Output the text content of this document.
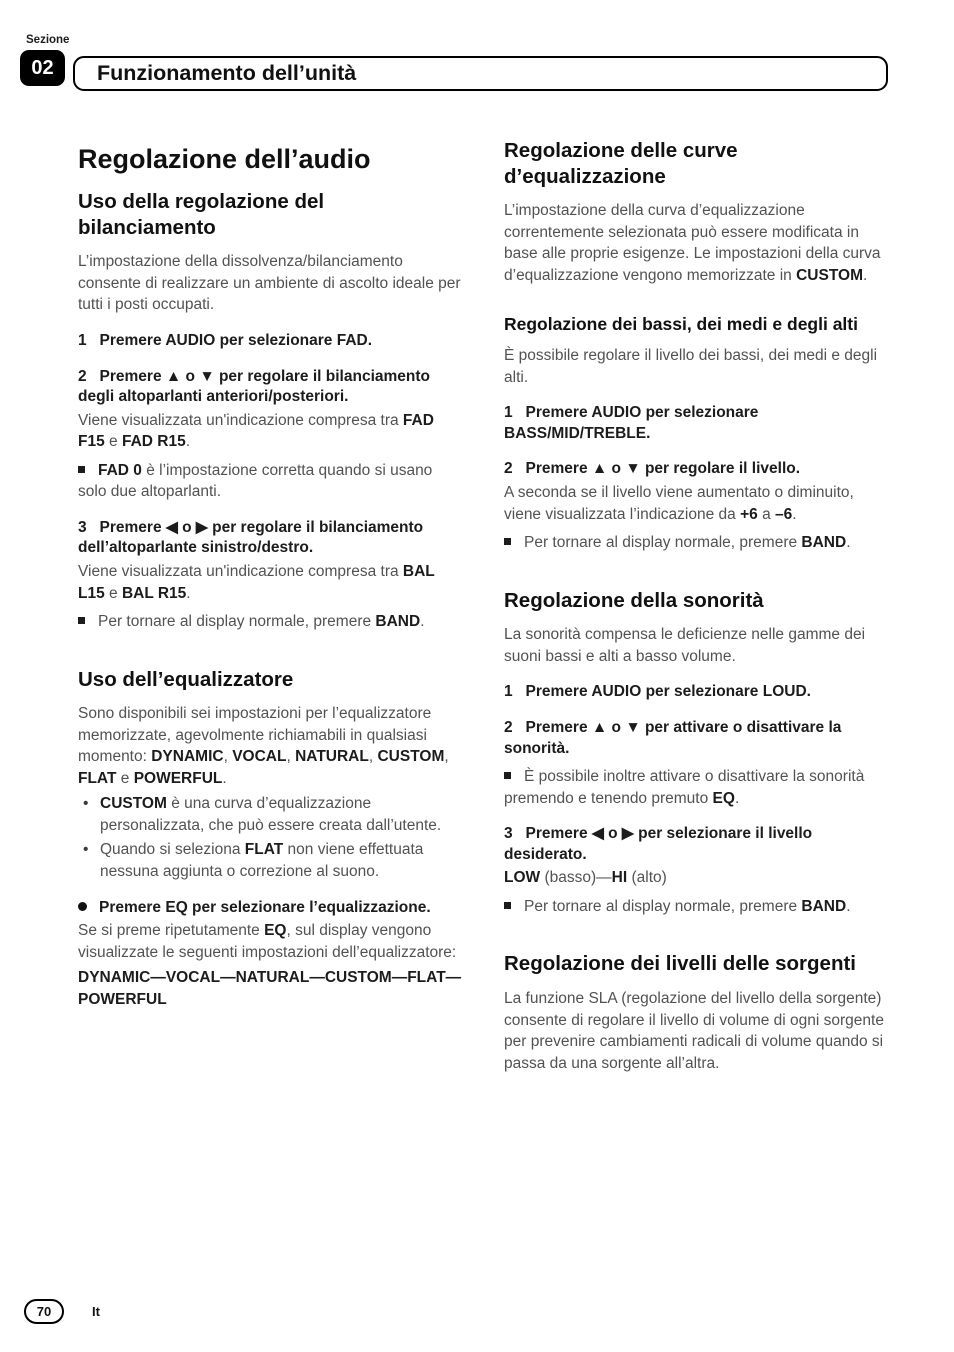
Sezione
02	Funzionamento dell’unità
Regolazione dell’audio
Uso della regolazione del bilanciamento

L’impostazione della dissolvenza/bilanciamento consente di realizzare un ambiente di ascolto ideale per tutti i posti occupati.

1   Premere AUDIO per selezionare FAD.

2   Premere ▲ o ▼ per regolare il bilanciamento degli altoparlanti anteriori/posteriori.

Viene visualizzata un'indicazione compresa tra FAD F15 e FAD R15.

FAD 0 è l’impostazione corretta quando si usano solo due altoparlanti.

3   Premere ◀ o ▶ per regolare il bilanciamento dell’altoparlante sinistro/destro.

Viene visualizzata un'indicazione compresa tra BAL L15 e BAL R15.

Per tornare al display normale, premere BAND.

Uso dell’equalizzatore

Sono disponibili sei impostazioni per l’equalizzatore memorizzate, agevolmente richiamabili in qualsiasi momento: DYNAMIC, VOCAL, NATURAL, CUSTOM, FLAT e POWERFUL.

• CUSTOM è una curva d’equalizzazione personalizzata, che può essere creata dall’utente.
• Quando si seleziona FLAT non viene effettuata nessuna aggiunta o correzione al suono.

Premere EQ per selezionare l’equalizzazione.

Se si preme ripetutamente EQ, sul display vengono visualizzate le seguenti impostazioni dell’equalizzatore:

DYNAMIC—VOCAL—NATURAL—CUSTOM—FLAT—POWERFUL

Regolazione delle curve d’equalizzazione

L’impostazione della curva d’equalizzazione correntemente selezionata può essere modificata in base alle proprie esigenze. Le impostazioni della curva d’equalizzazione vengono memorizzate in CUSTOM.

Regolazione dei bassi, dei medi e degli alti

È possibile regolare il livello dei bassi, dei medi e degli alti.

1   Premere AUDIO per selezionare BASS/MID/TREBLE.

2   Premere ▲ o ▼ per regolare il livello.

A seconda se il livello viene aumentato o diminuito, viene visualizzata l’indicazione da +6 a –6.

Per tornare al display normale, premere BAND.

Regolazione della sonorità

La sonorità compensa le deficienze nelle gamme dei suoni bassi e alti a basso volume.

1   Premere AUDIO per selezionare LOUD.

2   Premere ▲ o ▼ per attivare o disattivare la sonorità.

È possibile inoltre attivare o disattivare la sonorità premendo e tenendo premuto EQ.

3   Premere ◀ o ▶ per selezionare il livello desiderato.

LOW (basso)—HI (alto)

Per tornare al display normale, premere BAND.

Regolazione dei livelli delle sorgenti

La funzione SLA (regolazione del livello della sorgente) consente di regolare il livello di volume di ogni sorgente per prevenire cambiamenti radicali di volume quando si passa da una sorgente all’altra.

70	It
